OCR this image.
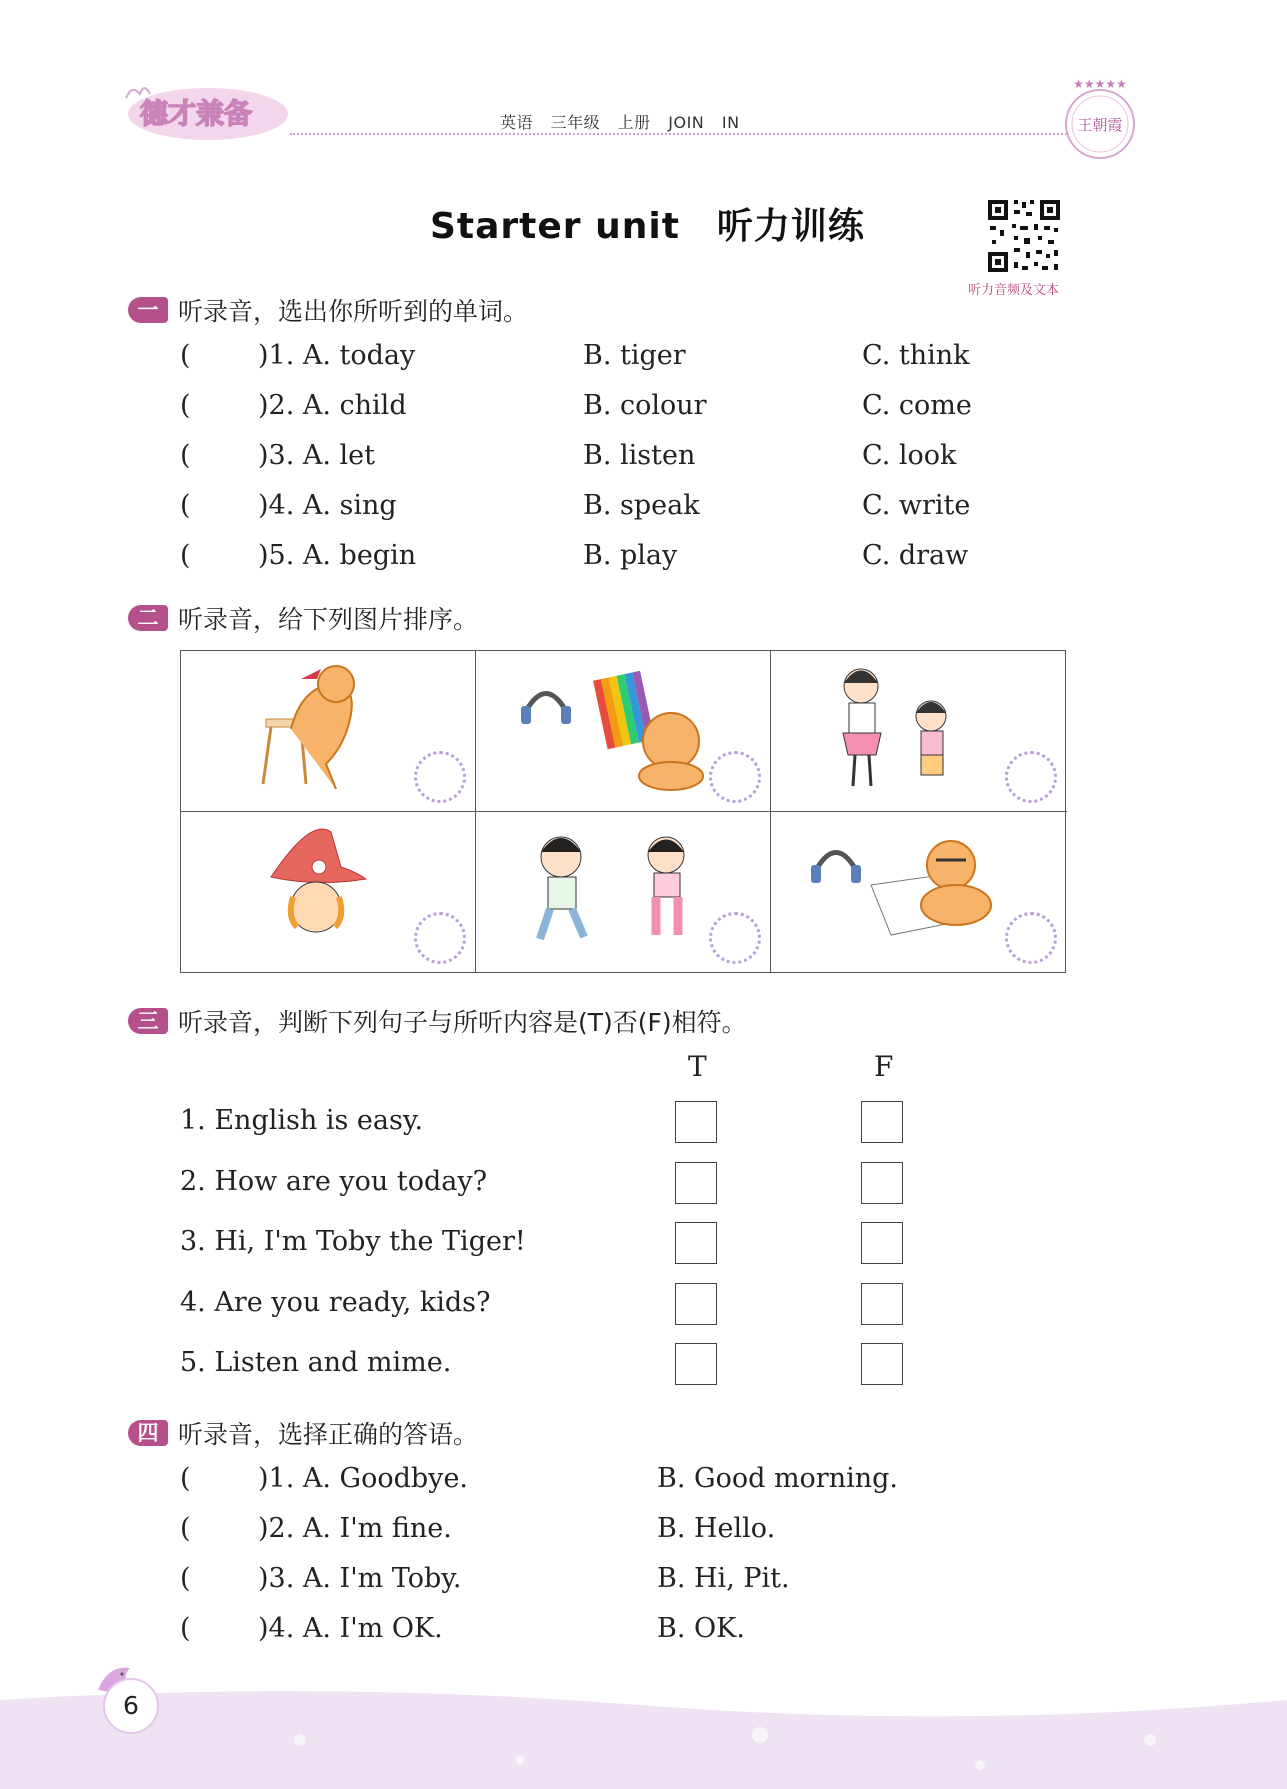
德才兼备	英语 三年级 上册 JOIN IN
★★★★★
王朝霞
Starter unit　听力训练
听力音频及文本
一 听录音，选出你所听到的单词。
( )1. A. today	B. tiger	C. think
( )2. A. child	B. colour	C. come
( )3. A. let	B. listen	C. look
( )4. A. sing	B. speak	C. write
( )5. A. begin	B. play	C. draw
二 听录音，给下列图片排序。
三 听录音，判断下列句子与所听内容是(T)否(F)相符。
T	F
1. English is easy.
2. How are you today?
3. Hi, I'm Toby the Tiger!
4. Are you ready, kids?
5. Listen and mime.
四 听录音，选择正确的答语。
( )1. A. Goodbye.	B. Good morning.
( )2. A. I'm fine.	B. Hello.
( )3. A. I'm Toby.	B. Hi, Pit.
( )4. A. I'm OK.	B. OK.
6
